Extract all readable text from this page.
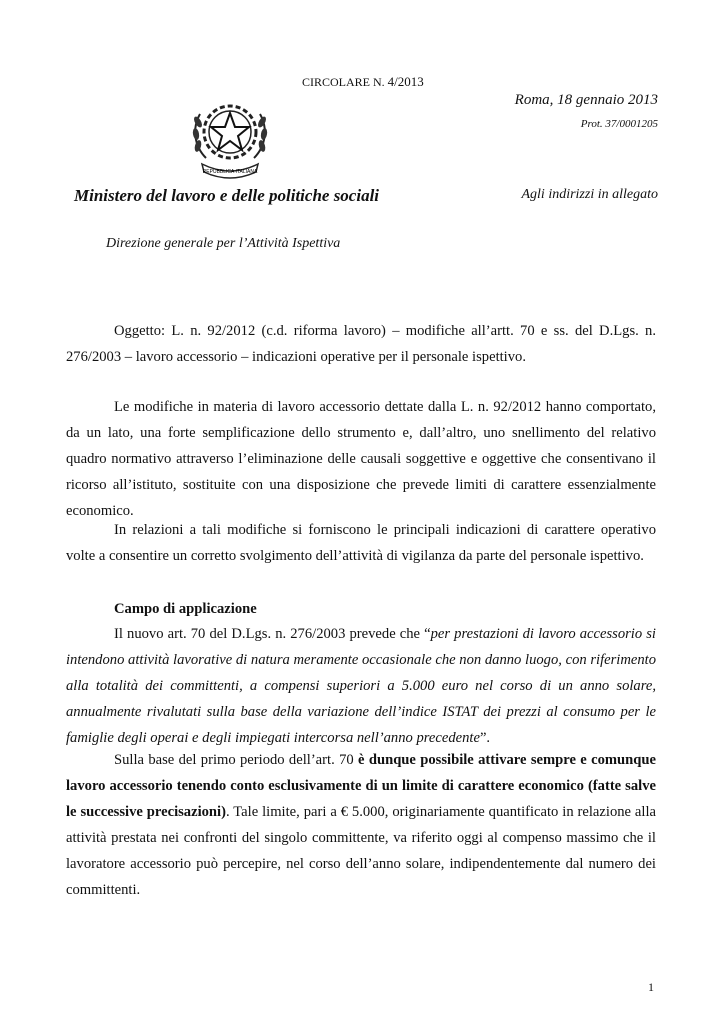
CIRCOLARE N. 4/2013
Roma, 18 gennaio 2013
Prot. 37/0001205
REPUBBLICA ITALIANA
Ministero del lavoro e delle politiche sociali	Agli indirizzi in allegato
Direzione generale per l’Attività Ispettiva

Oggetto: L. n. 92/2012 (c.d. riforma lavoro) – modifiche all’artt. 70 e ss. del D.Lgs. n. 276/2003 – lavoro accessorio – indicazioni operative per il personale ispettivo.

Le modifiche in materia di lavoro accessorio dettate dalla L. n. 92/2012 hanno comportato, da un lato, una forte semplificazione dello strumento e, dall’altro, uno snellimento del relativo quadro normativo attraverso l’eliminazione delle causali soggettive e oggettive che consentivano il ricorso all’istituto, sostituite con una disposizione che prevede limiti di carattere essenzialmente economico.

In relazioni a tali modifiche si forniscono le principali indicazioni di carattere operativo volte a consentire un corretto svolgimento dell’attività di vigilanza da parte del personale ispettivo.

Campo di applicazione

Il nuovo art. 70 del D.Lgs. n. 276/2003 prevede che “per prestazioni di lavoro accessorio si intendono attività lavorative di natura meramente occasionale che non danno luogo, con riferimento alla totalità dei committenti, a compensi superiori a 5.000 euro nel corso di un anno solare, annualmente rivalutati sulla base della variazione dell’indice ISTAT dei prezzi al consumo per le famiglie degli operai e degli impiegati intercorsa nell’anno precedente”.

Sulla base del primo periodo dell’art. 70 è dunque possibile attivare sempre e comunque lavoro accessorio tenendo conto esclusivamente di un limite di carattere economico (fatte salve le successive precisazioni). Tale limite, pari a € 5.000, originariamente quantificato in relazione alla attività prestata nei confronti del singolo committente, va riferito oggi al compenso massimo che il lavoratore accessorio può percepire, nel corso dell’anno solare, indipendentemente dal numero dei committenti.

1
